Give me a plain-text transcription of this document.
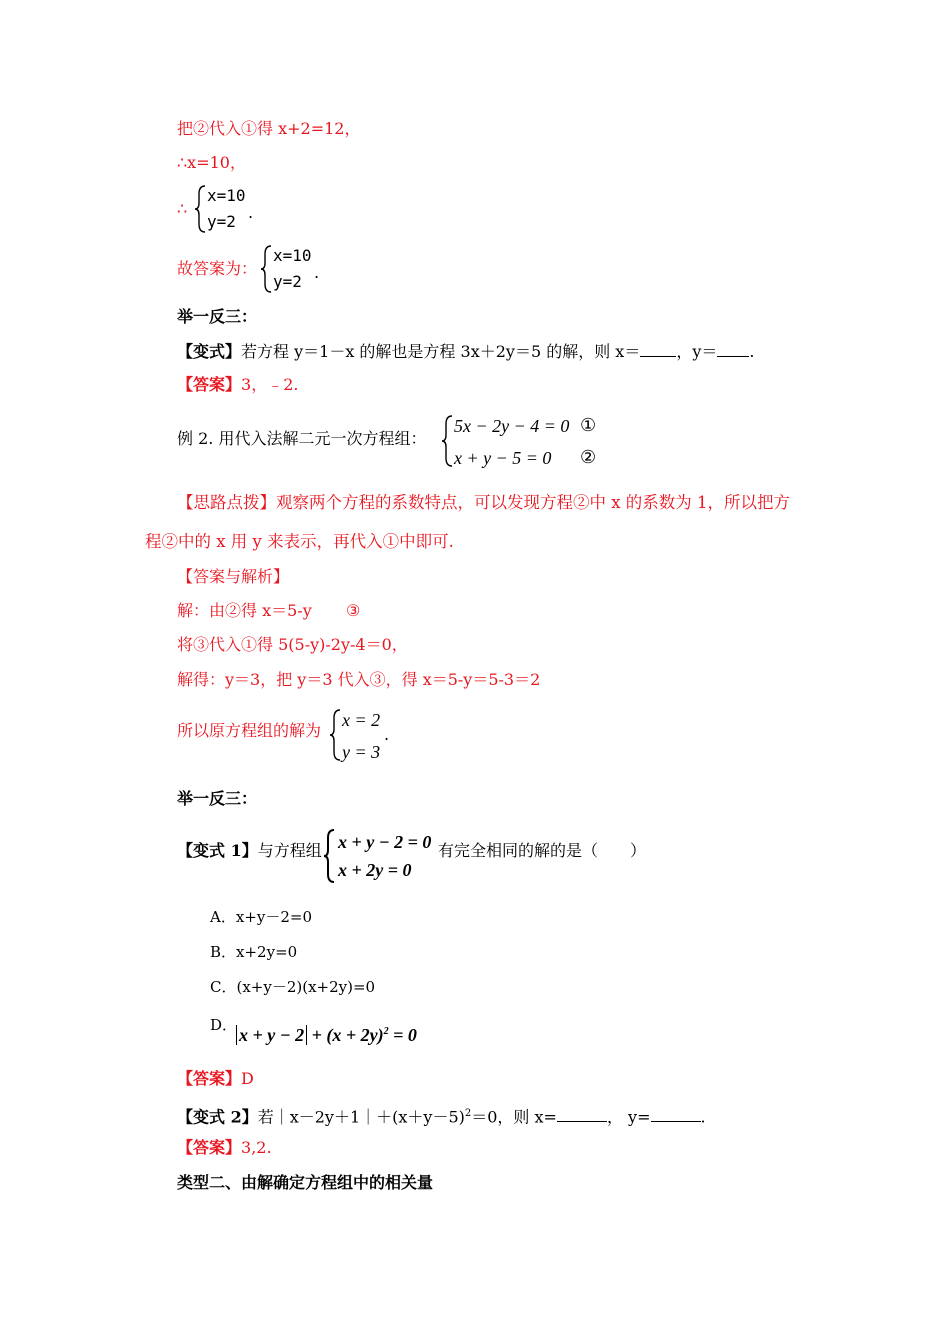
把②代入①得 x+2=12，
∴x=10，
∴
x=10
y=2 .
故答案为：
x=10
y=2 .
举一反三：
【变式】若方程 y＝1－x 的解也是方程 3x＋2y＝5 的解，则 x＝ ，y＝ .
【答案】3，﹣2.
例 2. 用代入法解二元一次方程组：
5x − 2y − 4 = 0 ①
x + y − 5 = 0 ②
【思路点拨】观察两个方程的系数特点，可以发现方程②中 x 的系数为 1，所以把方
程②中的 x 用 y 来表示，再代入①中即可.
【答案与解析】
解：由②得 x＝5-y ③
将③代入①得 5(5-y)-2y-4＝0，
解得：y＝3，把 y＝3 代入③，得 x＝5-y＝5-3＝2
所以原方程组的解为
x = 2
y = 3
.
举一反三：
【变式 1】与方程组 x + y − 2 = 0
x + 2y = 0
有完全相同的解的是（　　）
A．x+y－2=0
B．x+2y=0
C．(x+y－2)(x+2y)=0
D． $x + y - 2 + (x + 2y)^2 = 0$
【答案】D
【变式 2】若$|x-2y+1|+(x+y-5)^2=0$，则 x=	， y=	.
【答案】3,2.
类型二、由解确定方程组中的相关量
